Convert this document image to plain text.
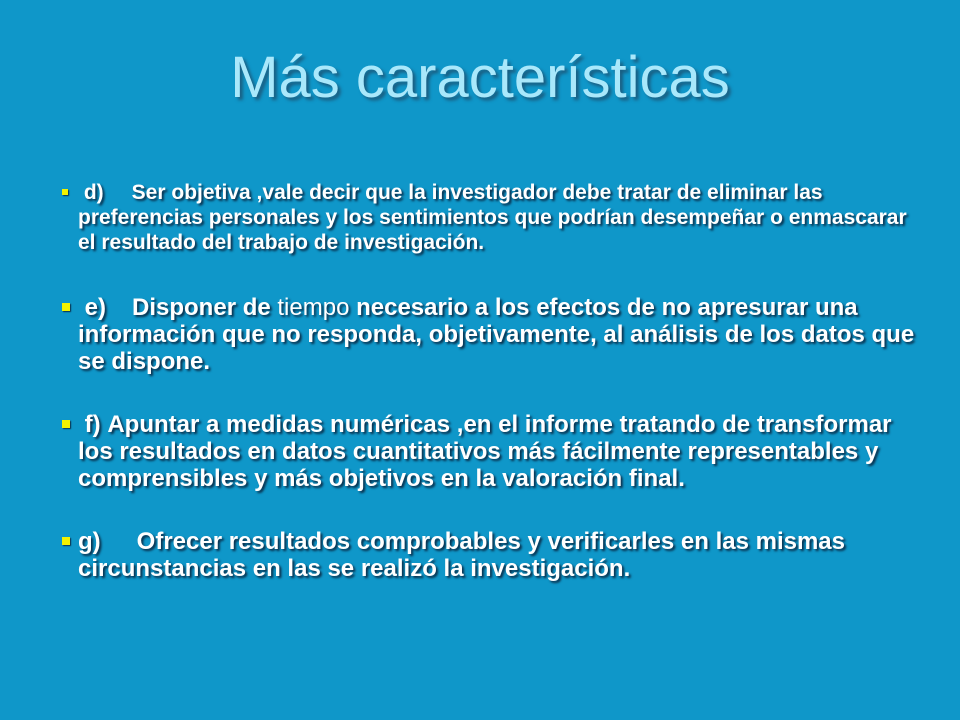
Más características
d) Ser objetiva ,vale decir que la investigador debe tratar de eliminar las preferencias personales y los sentimientos que podrían desempeñar o enmascarar el resultado del trabajo de investigación.
e) Disponer de tiempo necesario a los efectos de no apresurar una información que no responda, objetivamente, al análisis de los datos que se dispone.
f) Apuntar a medidas numéricas ,en el informe tratando de transformar los resultados en datos cuantitativos más fácilmente representables y comprensibles y más objetivos en la valoración final.
g) Ofrecer resultados comprobables y verificarles en las mismas circunstancias en las se realizó la investigación.
